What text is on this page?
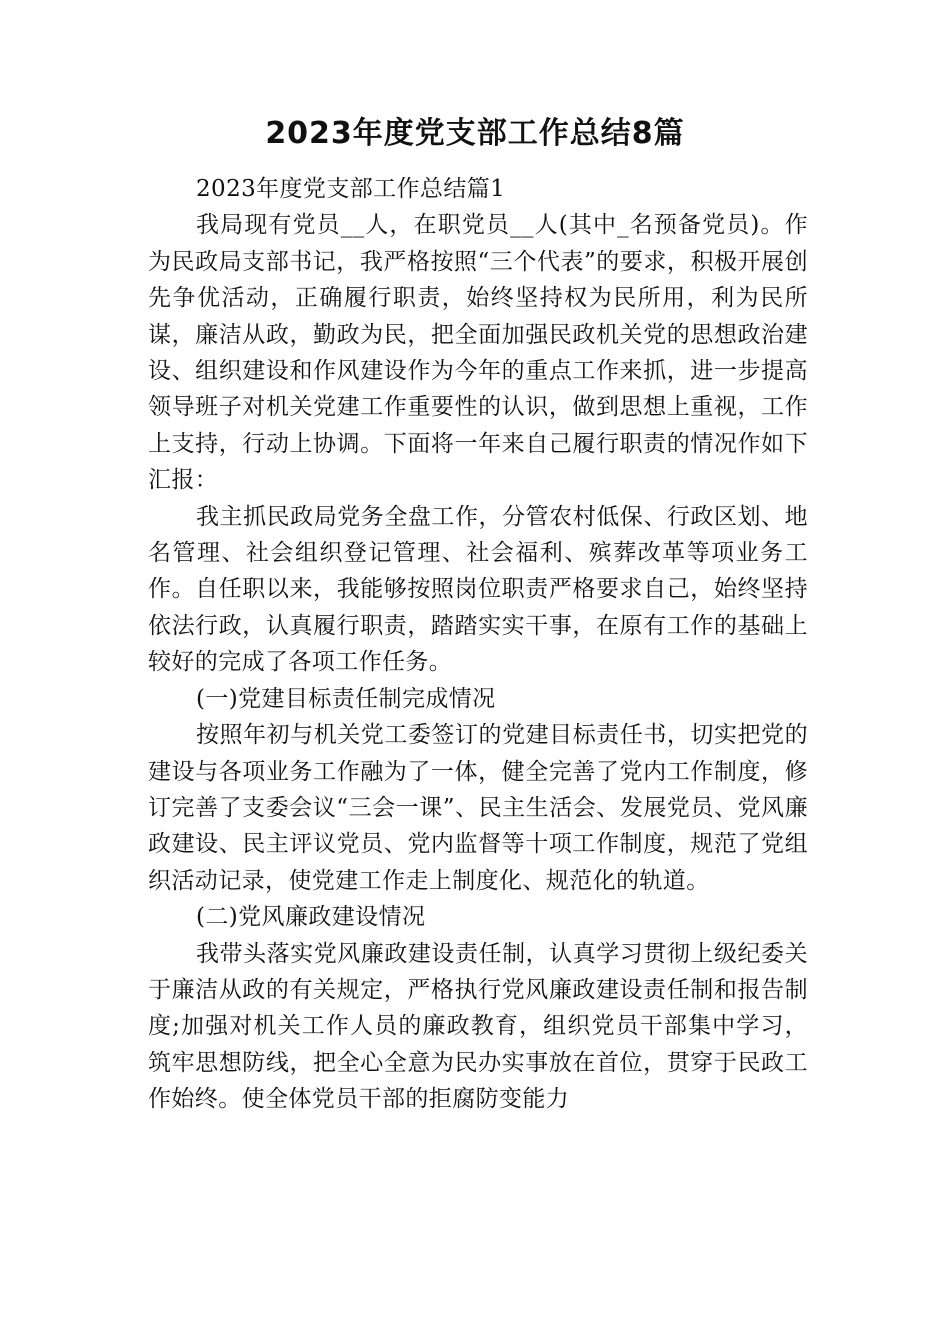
2023年度党支部工作总结8篇

2023年度党支部工作总结篇1

我局现有党员__人，在职党员__人(其中_名预备党员)。作为民政局支部书记，我严格按照“三个代表”的要求，积极开展创先争优活动，正确履行职责，始终坚持权为民所用，利为民所谋，廉洁从政，勤政为民，把全面加强民政机关党的思想政治建设、组织建设和作风建设作为今年的重点工作来抓，进一步提高领导班子对机关党建工作重要性的认识，做到思想上重视，工作上支持，行动上协调。下面将一年来自己履行职责的情况作如下汇报：

我主抓民政局党务全盘工作，分管农村低保、行政区划、地名管理、社会组织登记管理、社会福利、殡葬改革等项业务工作。自任职以来，我能够按照岗位职责严格要求自己，始终坚持依法行政，认真履行职责，踏踏实实干事，在原有工作的基础上较好的完成了各项工作任务。

(一)党建目标责任制完成情况

按照年初与机关党工委签订的党建目标责任书，切实把党的建设与各项业务工作融为了一体，健全完善了党内工作制度，修订完善了支委会议“三会一课”、民主生活会、发展党员、党风廉政建设、民主评议党员、党内监督等十项工作制度，规范了党组织活动记录，使党建工作走上制度化、规范化的轨道。

(二)党风廉政建设情况

我带头落实党风廉政建设责任制，认真学习贯彻上级纪委关于廉洁从政的有关规定，严格执行党风廉政建设责任制和报告制度;加强对机关工作人员的廉政教育，组织党员干部集中学习，筑牢思想防线，把全心全意为民办实事放在首位，贯穿于民政工作始终。使全体党员干部的拒腐防变能力
